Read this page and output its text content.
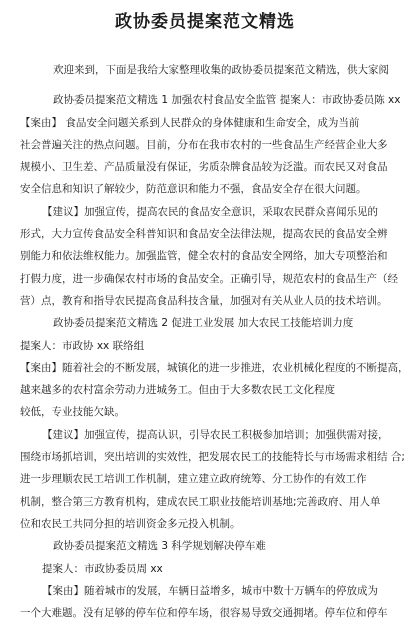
政协委员提案范文精选
欢迎来到，下面是我给大家整理收集的政协委员提案范文精选，供大家阅
政协委员提案范文精选 1 加强农村食品安全监管 提案人：市政协委员陈 xx
【案由】 食品安全问题关系到人民群众的身体健康和生命安全，成为当前
社会普遍关注的热点问题。目前，分布在我市农村的一些食品生产经营企业大多
规模小、卫生差、产品质量没有保证，劣质杂牌食品较为泛滥。而农民又对食品
安全信息和知识了解较少，防范意识和能力不强，食品安全存在很大问题。
【建议】加强宣传，提高农民的食品安全意识，采取农民群众喜闻乐见的
形式，大力宣传食品安全科普知识和食品安全法律法规，提高农民的食品安全辨
别能力和依法维权能力。加强监管，健全农村的食品安全网络，加大专项整治和
打假力度，进一步确保农村市场的食品安全。正确引导，规范农村的食品生产（经
营）点，教育和指导农民提高食品科技含量，加强对有关从业人员的技术培训。
政协委员提案范文精选 2 促进工业发展 加大农民工技能培训力度
提案人：市政协 xx 联络组
【案由】随着社会的不断发展，城镇化的进一步推进，农业机械化程度的不断提高，
越来越多的农村富余劳动力进城务工。但由于大多数农民工文化程度
较低，专业技能欠缺。
【建议】加强宣传，提高认识，引导农民工积极参加培训；加强供需对接，
围绕市场抓培训，突出培训的实效性，把发展农民工的技能特长与市场需求相结 合;
进一步理顺农民工培训工作机制，建立建立政府统筹、分工协作的有效工作
机制，整合第三方教育机构，建成农民工职业技能培训基地;完善政府、用人单
位和农民工共同分担的培训资金多元投入机制。
政协委员提案范文精选 3 科学规划解决停车难
提案人：市政协委员周 xx
【案由】随着城市的发展，车辆日益增多，城市中数十万辆车的停放成为
一个大难题。没有足够的停车位和停车场，很容易导致交通拥堵。停车位和停车
